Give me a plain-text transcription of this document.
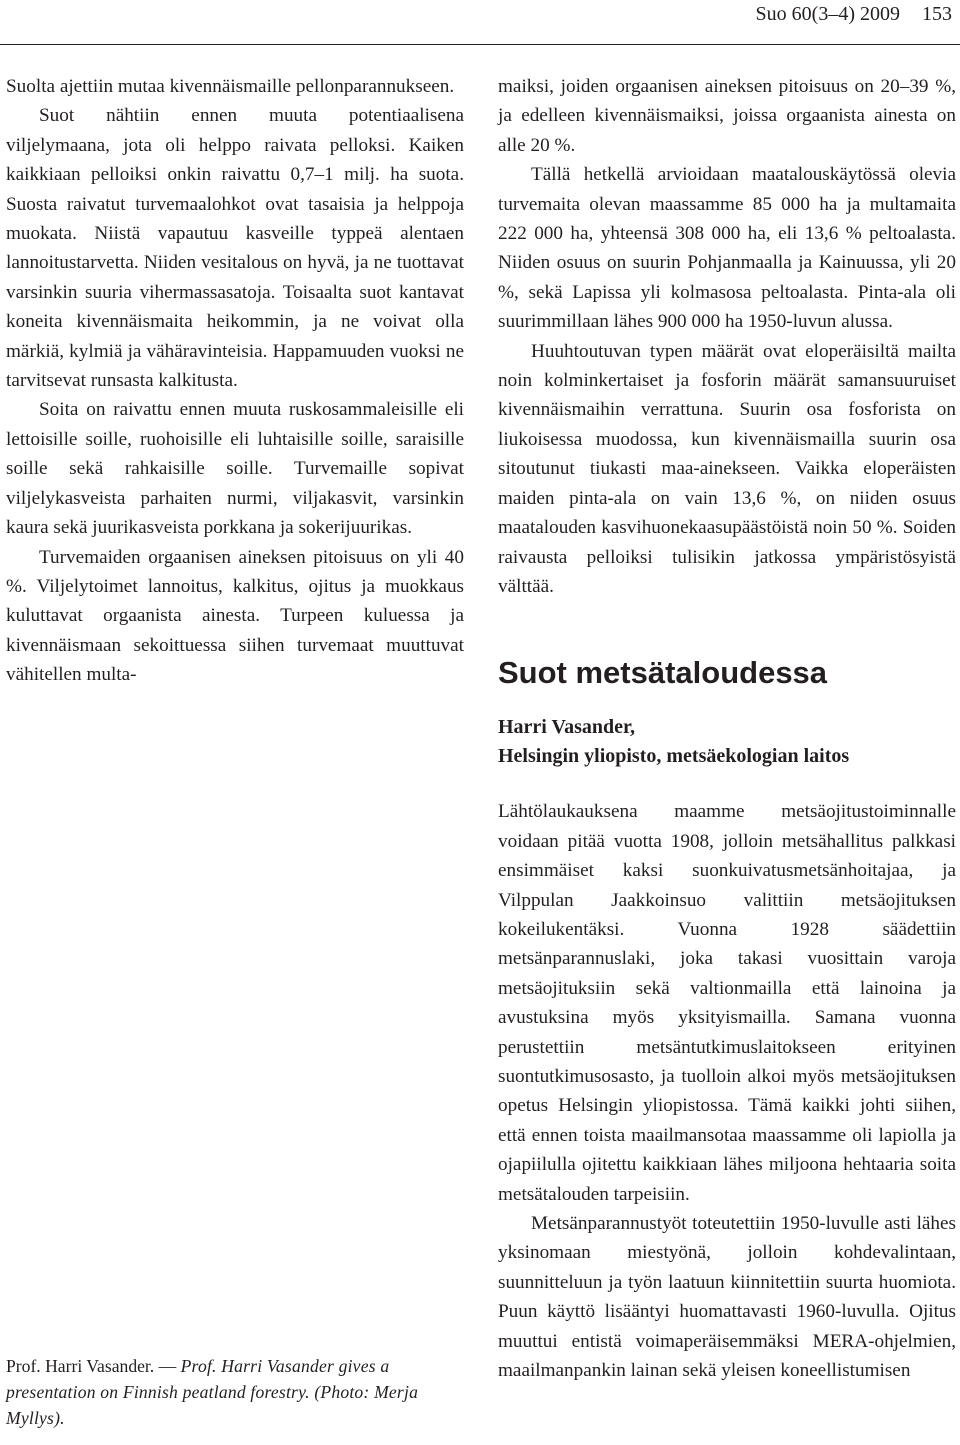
Suo 60(3–4) 2009 153

Suolta ajettiin mutaa kivennäismaille pellonparannukseen.

Suot nähtiin ennen muuta potentiaalisena viljelymaana, jota oli helppo raivata pelloksi. Kaiken kaikkiaan pelloiksi onkin raivattu 0,7–1 milj. ha suota. Suosta raivatut turvemaalohkot ovat tasaisia ja helppoja muokata. Niistä vapautuu kasveille typpeä alentaen lannoitustarvetta. Niiden vesitalous on hyvä, ja ne tuottavat varsinkin suuria vihermassasatoja. Toisaalta suot kantavat koneita kivennäismaita heikommin, ja ne voivat olla märkiä, kylmiä ja vähäravinteisia. Happamuuden vuoksi ne tarvitsevat runsasta kalkitusta.

Soita on raivattu ennen muuta ruskosammaleisille eli lettoisille soille, ruohoisille eli luhtaisille soille, saraisille soille sekä rahkaisille soille. Turvemaille sopivat viljelykasveista parhaiten nurmi, viljakasvit, varsinkin kaura sekä juurikasveista porkkana ja sokerijuurikas.

Turvemaiden orgaanisen aineksen pitoisuus on yli 40 %. Viljelytoimet lannoitus, kalkitus, ojitus ja muokkaus kuluttavat orgaanista ainesta. Turpeen kuluessa ja kivennäismaan sekoittuessa siihen turvemaat muuttuvat vähitellen multa-

Prof. Harri Vasander. — Prof. Harri Vasander gives a presentation on Finnish peatland forestry. (Photo: Merja Myllys).

maiksi, joiden orgaanisen aineksen pitoisuus on 20–39 %, ja edelleen kivennäismaiksi, joissa orgaanista ainesta on alle 20 %.

Tällä hetkellä arvioidaan maatalouskäytössä olevia turvemaita olevan maassamme 85 000 ha ja multamaita 222 000 ha, yhteensä 308 000 ha, eli 13,6 % peltoalasta. Niiden osuus on suurin Pohjanmaalla ja Kainuussa, yli 20 %, sekä Lapissa yli kolmasosa peltoalasta. Pinta-ala oli suurimmillaan lähes 900 000 ha 1950-luvun alussa.

Huuhtoutuvan typen määrät ovat eloperäisiltä mailta noin kolminkertaiset ja fosforin määrät samansuuruiset kivennäismaihin verrattuna. Suurin osa fosforista on liukoisessa muodossa, kun kivennäismailla suurin osa sitoutunut tiukasti maa-ainekseen. Vaikka eloperäisten maiden pinta-ala on vain 13,6 %, on niiden osuus maatalouden kasvihuonekaasupäästöistä noin 50 %. Soiden raivausta pelloiksi tulisikin jatkossa ympäristösyistä välttää.

Suot metsätaloudessa
Harri Vasander,
Helsingin yliopisto, metsäekologian laitos

Lähtölaukauksena maamme metsäojitustoiminnalle voidaan pitää vuotta 1908, jolloin metsähallitus palkkasi ensimmäiset kaksi suonkuivatusmetsänhoitajaa, ja Vilppulan Jaakkoinsuo valittiin metsäojituksen kokeilukentäksi. Vuonna 1928 säädettiin metsänparannuslaki, joka takasi vuosittain varoja metsäojituksiin sekä valtionmailla että lainoina ja avustuksina myös yksityismailla. Samana vuonna perustettiin metsäntutkimuslaitokseen erityinen suontutkimusosasto, ja tuolloin alkoi myös metsäojituksen opetus Helsingin yliopistossa. Tämä kaikki johti siihen, että ennen toista maailmansotaa maassamme oli lapiolla ja ojapiilulla ojitettu kaikkiaan lähes miljoona hehtaaria soita metsätalouden tarpeisiin.

Metsänparannustyöt toteutettiin 1950-luvulle asti lähes yksinomaan miestyönä, jolloin kohdevalintaan, suunnitteluun ja työn laatuun kiinnitettiin suurta huomiota. Puun käyttö lisääntyi huomattavasti 1960-luvulla. Ojitus muuttui entistä voimaperäisemmäksi MERA-ohjelmien, maailmanpankin lainan sekä yleisen koneellistumisen
